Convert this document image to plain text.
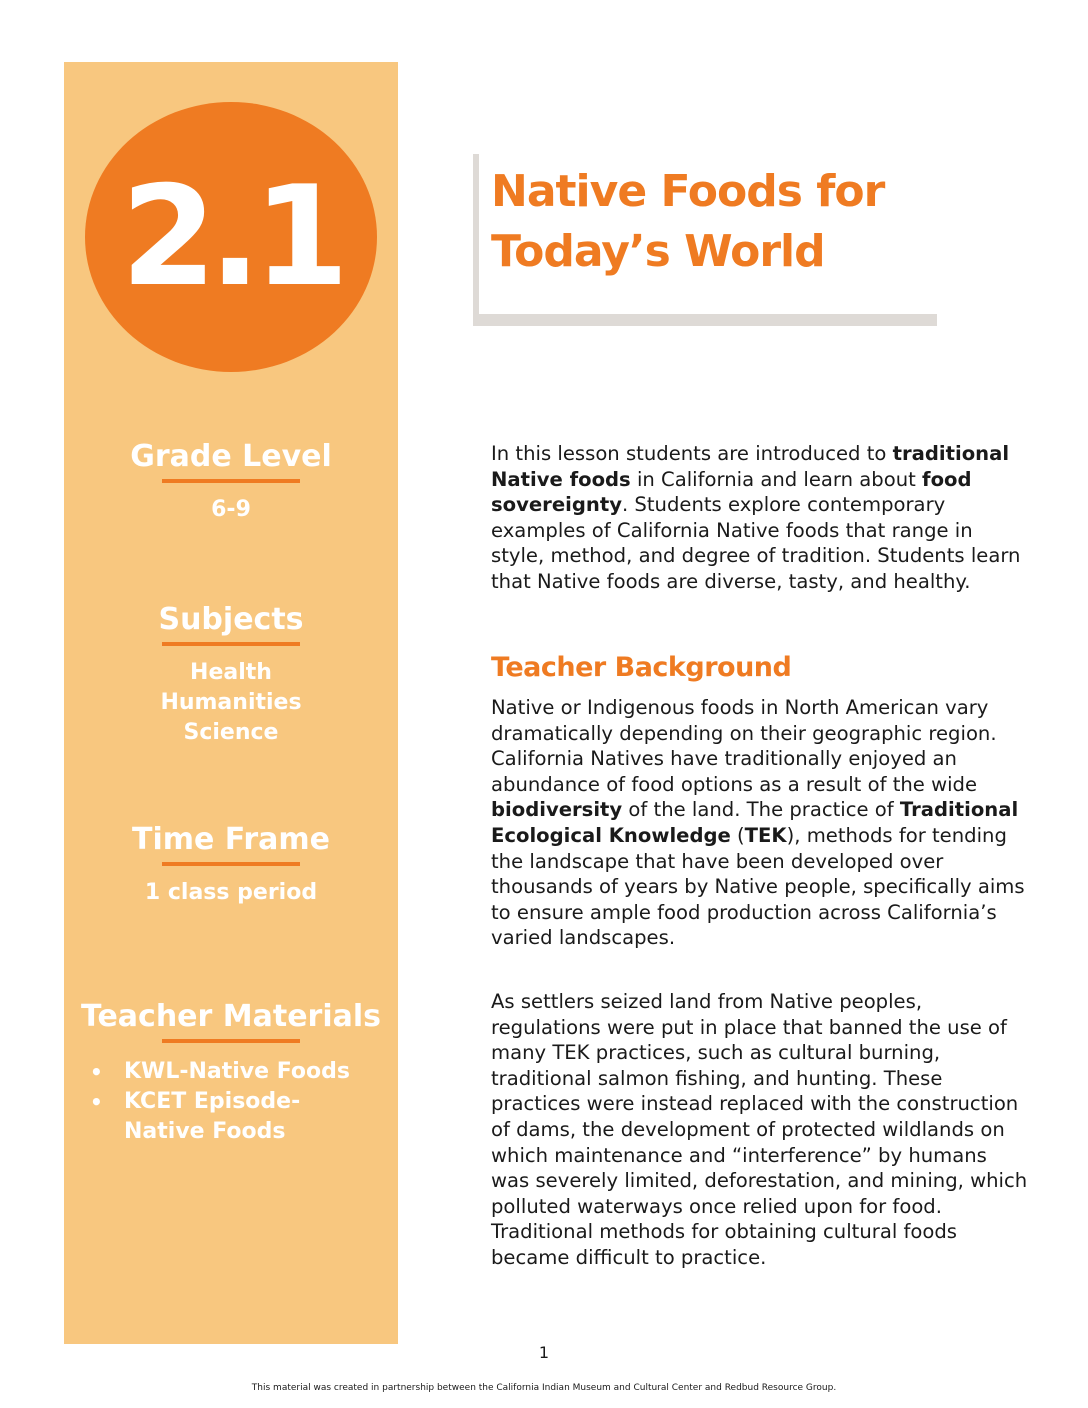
2.1
Grade Level
6-9
Subjects
Health
Humanities
Science
Time Frame
1 class period
Teacher Materials
• KWL-Native Foods
• KCET Episode-
Native Foods
Native Foods for
Today’s World

In this lesson students are introduced to traditional Native foods in California and learn about food sovereignty. Students explore contemporary examples of California Native foods that range in style, method, and degree of tradition. Students learn that Native foods are diverse, tasty, and healthy.

Teacher Background

Native or Indigenous foods in North American vary dramatically depending on their geographic region. California Natives have traditionally enjoyed an abundance of food options as a result of the wide biodiversity of the land. The practice of Traditional Ecological Knowledge (TEK), methods for tending the landscape that have been developed over thousands of years by Native people, specifically aims to ensure ample food production across California’s varied landscapes.

As settlers seized land from Native peoples, regulations were put in place that banned the use of many TEK practices, such as cultural burning, traditional salmon fishing, and hunting. These practices were instead replaced with the construction of dams, the development of protected wildlands on which maintenance and “interference” by humans was severely limited, deforestation, and mining, which polluted waterways once relied upon for food. Traditional methods for obtaining cultural foods became difficult to practice.

1
This material was created in partnership between the California Indian Museum and Cultural Center and Redbud Resource Group.
